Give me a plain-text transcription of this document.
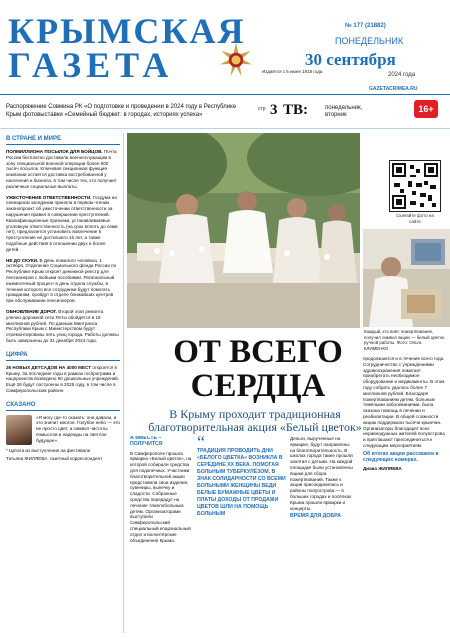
КРЫМСКАЯ
ГАЗЕТА	Издаётся с 6 июня 1918 года
№ 177 (21882)
ПОНЕДЕЛЬНИК
30 сентября
2024 года
GAZETACRIMEA.RU
Распоряжение Совмина РК «О подготовке и проведении в 2024 году в Республике Крым фотовыставки «Семейный бюджет: в городах, историях успеха»
стр 3 ТВ:	понедельник, вторник
16+
В СТРАНЕ И МИРЕ
ПОЛМИЛЛИОНА ПОСЫЛОК ДЛЯ БОЙЦОВ. Почта России бесплатно доставила военнослужащим в зону специальной военной операции более 500 тысяч посылок. Ключевая секционная функция компании остаётся доставка востребованной у населения и бизнеса, в том числе тех, кто получает различные социальные выплаты.
УЖЕСТОЧЕНИЕ ОТВЕТСТВЕННОСТИ. Госдума на пленарном заседании приняла в первом чтении законопроект об ужесточении ответственности за нарушения правил в совершении преступлений. Квалификационные признаки, устанавливаемые уголовную ответственность (на срок вплоть до семи лет), предлагается установить вовлечение в преступление не достигшего 16 лет, а также подобные действия в отношении двух и более детей.
НЕ ДО СКУКИ. В День пожилого человека, 1 октября, Отделение Социального фонда России по Республике Крым откроет денежной реестр для пенсионеров с любыми пособиями. Региональный ежемесячный процент в день отдела службы, в течение которого все сотрудники будут помогать гражданам, пройдут в отделе ближайших центров при обслуживании пенсионеров.
ОБНОВЛЕНИЕ ДОРОГ. Второй этап ремонта улично-дорожной сети Ялты обойдётся в 19 миллионов рублей. По данным Минтранса Республики Крым с Министерством будут отремонтированы пять улиц города. Работы должны быть завершены до 31 декабря 2024 года.
ЦИФРА
26 НОВЫХ ДЕТСАДОВ НА 4000 МЕСТ откроется в Крыму. За последние годы в рамках госпрограмм и нацпроектов возведено 60 дошкольных учреждений. Ещё 26 будут построены в 2025 году, в том числе в Симферопольском районе.
СКАЗАНО
«Я могу где-то сказать: они давали, и это значит многое. Голубое небо — это не просто цвет, а символ чистоты помыслов и надежды на светлое будущее».
* Цитата из выступления на фестивале
Татьяна ЖИЛЯЕВА, газетный корреспондент
Скачайте фото на сайте
Каждый, кто внёс пожертвование, получил символ акции — белый цветок ручной работы. Фото: Ольга КЛИМЕНКО
ОТ ВСЕГО СЕРДЦА
В Крыму проходит традиционная благотворительная акция «Белый цветок»
А ВМЕСТЕ – ПОЛУЧИТСЯ
В Симферополе прошла ярмарка «Белый цветок», на которой собирали средства для подопечных. Участники благотворительной акции представили свои изделия, сувениры, выпечку и сладости. Собранные средства передадут на лечение тяжелобольным детям. Организаторами выступили Симферопольский специальный епархиальный отдел и волонтёрские объединения Крыма.
“
ТРАДИЦИЯ ПРОВОДИТЬ ДНИ «БЕЛОГО ЦВЕТКА» ВОЗНИКЛА В СЕРЕДИНЕ XX ВЕКА. ПОМОГАЯ БОЛЬНЫМ ТУБЕРКУЛЁЗОМ, В ЗНАК СОЛИДАРНОСТИ СО ВСЕМИ БОЛЬНЫМИ ЖЕНЩИНЫ ВЕДИ БЕЛЫЕ БУМАЖНЫЕ ЦВЕТЫ И ПЛАТЫ ДОХОДЫ ОТ ПРОДАЖИ ЦВЕТОВ ШЛИ НА ПОМОЩЬ БОЛЬНЫМ
Деньги, вырученные на ярмарке, будут направлены на благотворительность. В школах города также прошли занятия с детьми. На каждой площадке были установлены ящики для сбора пожертвований. Также к акции присоединились и районы полуострова — в больших городах и посёлках Крыма прошли ярмарки и концерты.
ВРЕМЯ ДЛЯ ДОБРА
продолжаются и в течение всего года. Сотрудничество с учреждениями здравоохранения помогает приобретать необходимое оборудование и медикаменты. В этом году собрать удалось более 7 миллионов рублей. Благодаря пожертвованиям детям, больным тяжёлыми заболеваниями, была оказана помощь в лечении и реабилитации. В общей сложности акцию поддержали тысячи крымчан. Организаторы благодарят всех неравнодушных жителей полуострова и приглашают присоединиться к следующим мероприятиям.
Об итогах акции расскажем в следующих номерах.
Диана ЖИЛЯЕВА
